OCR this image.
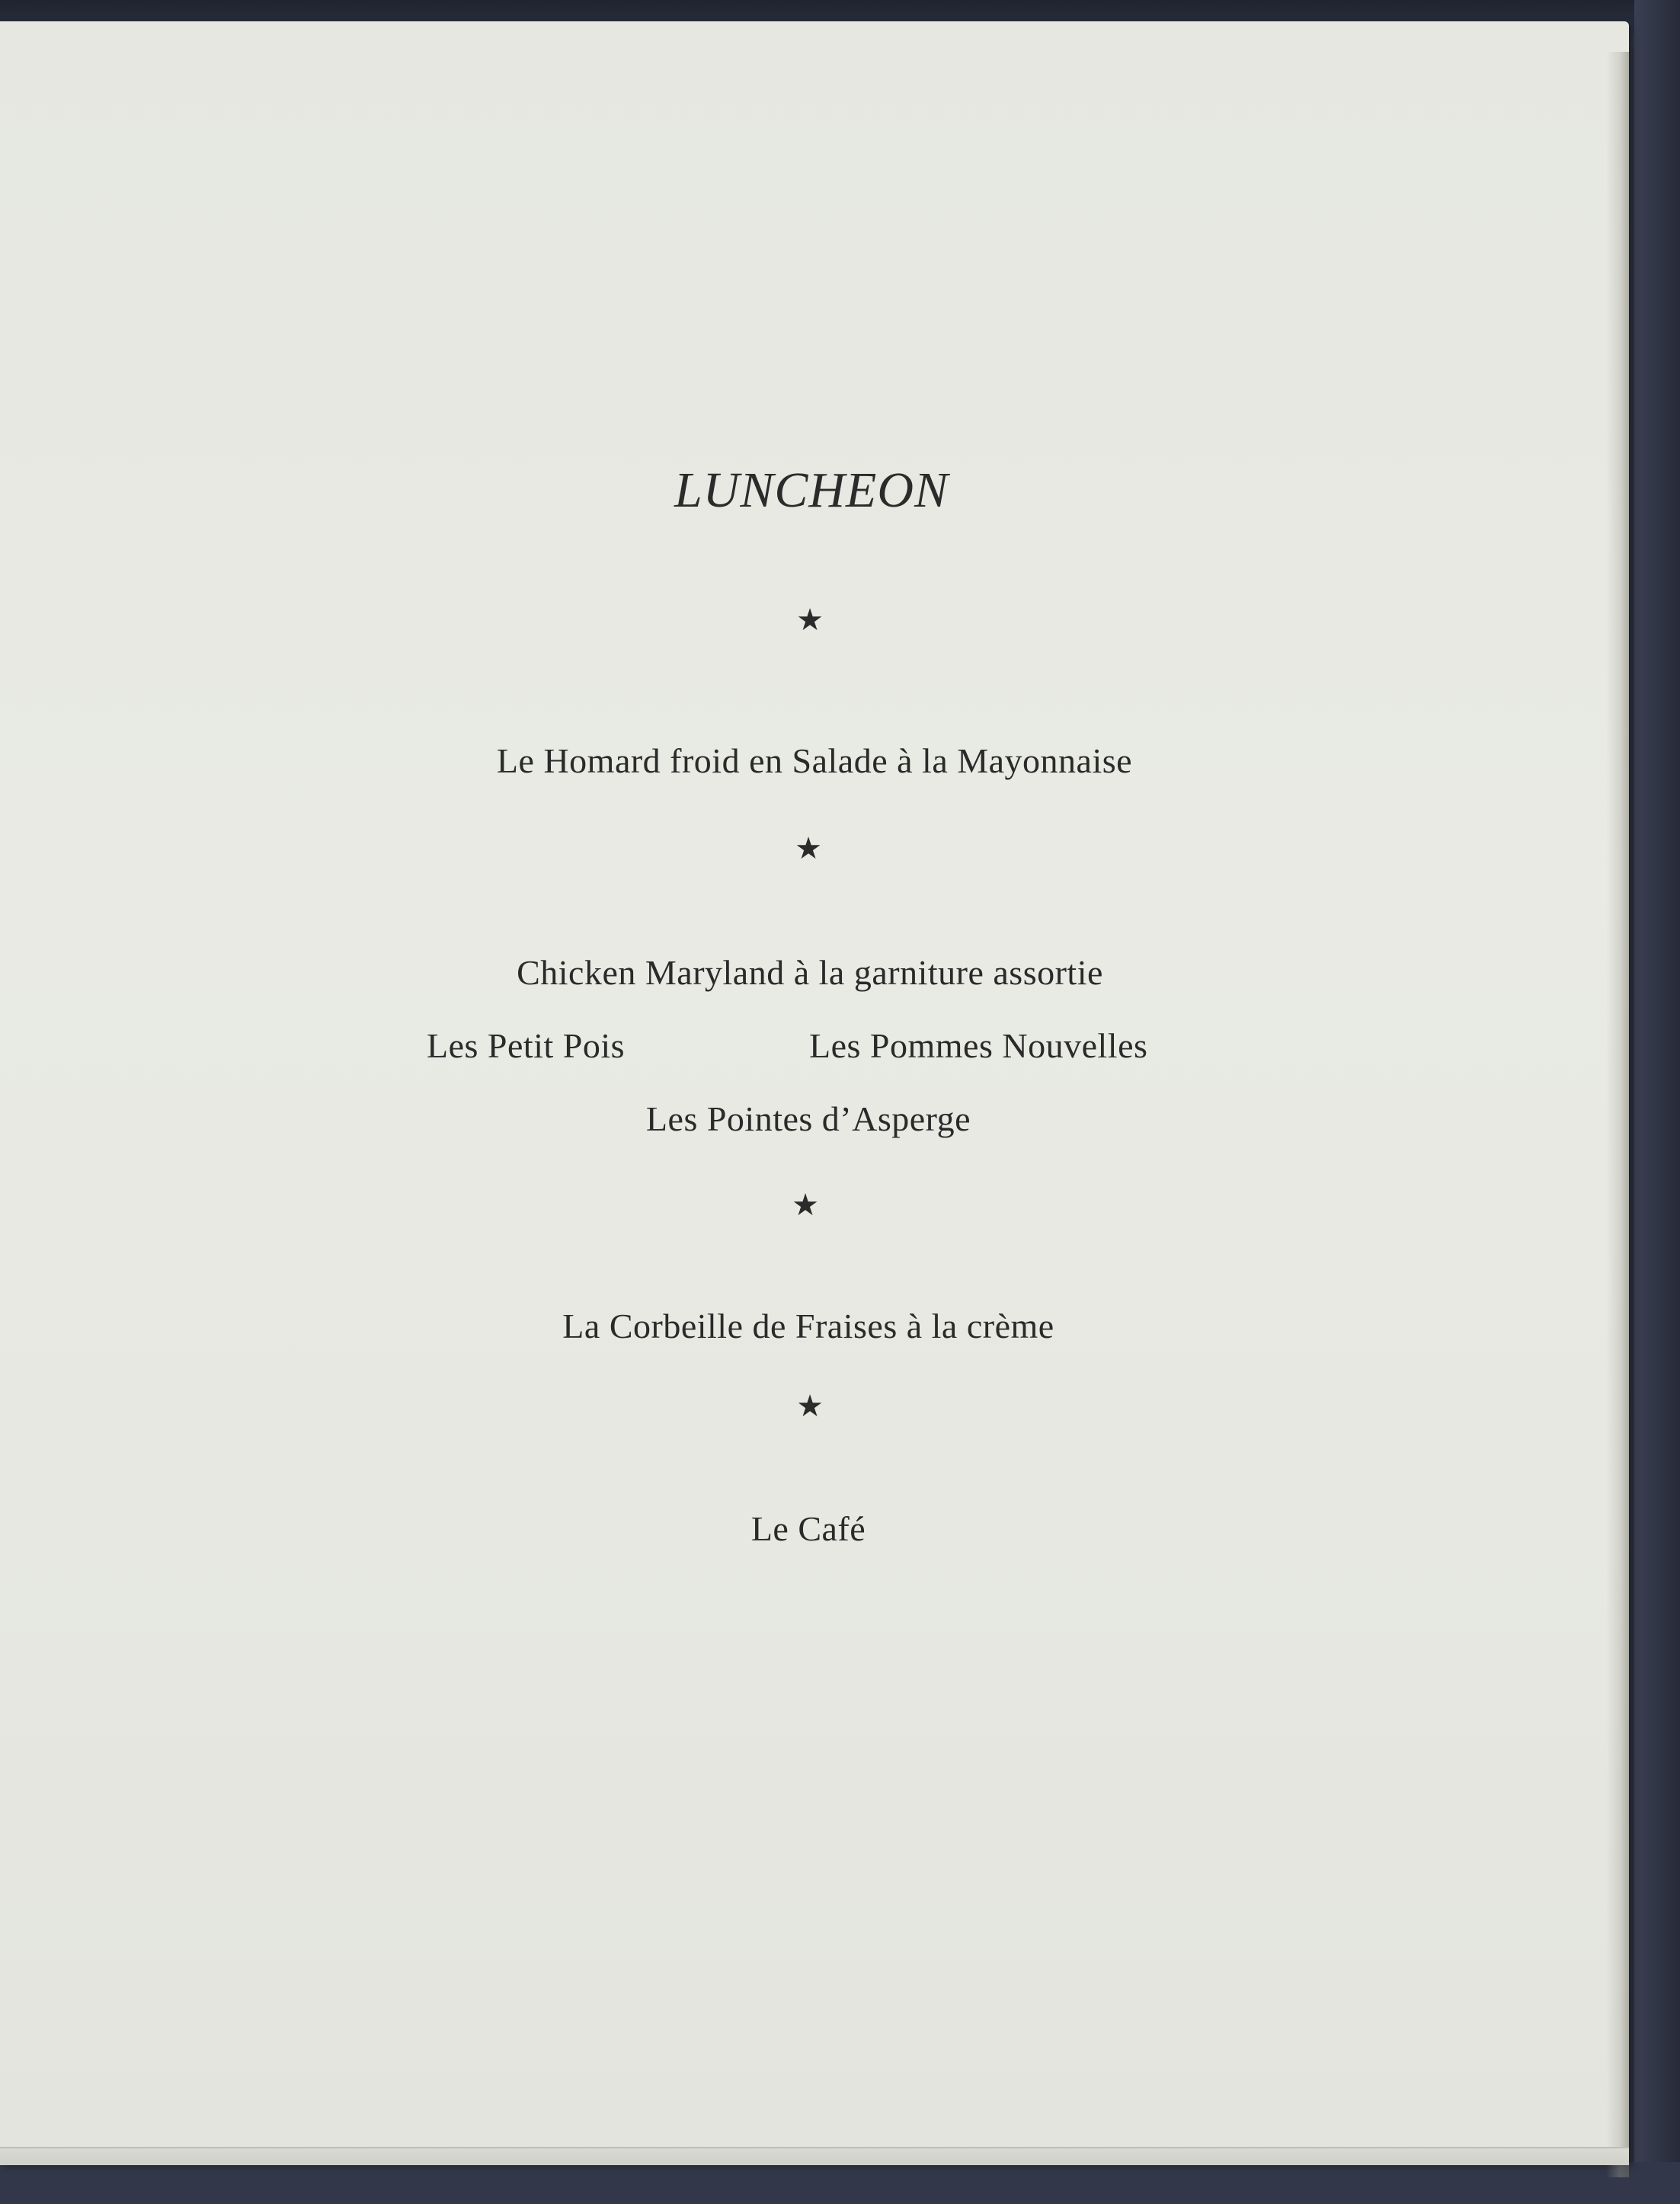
LUNCHEON
★
Le Homard froid en Salade à la Mayonnaise
★
Chicken Maryland à la garniture assortie
Les Petit Pois	Les Pommes Nouvelles
Les Pointes d’Asperge
★
La Corbeille de Fraises à la crème
★
Le Café
